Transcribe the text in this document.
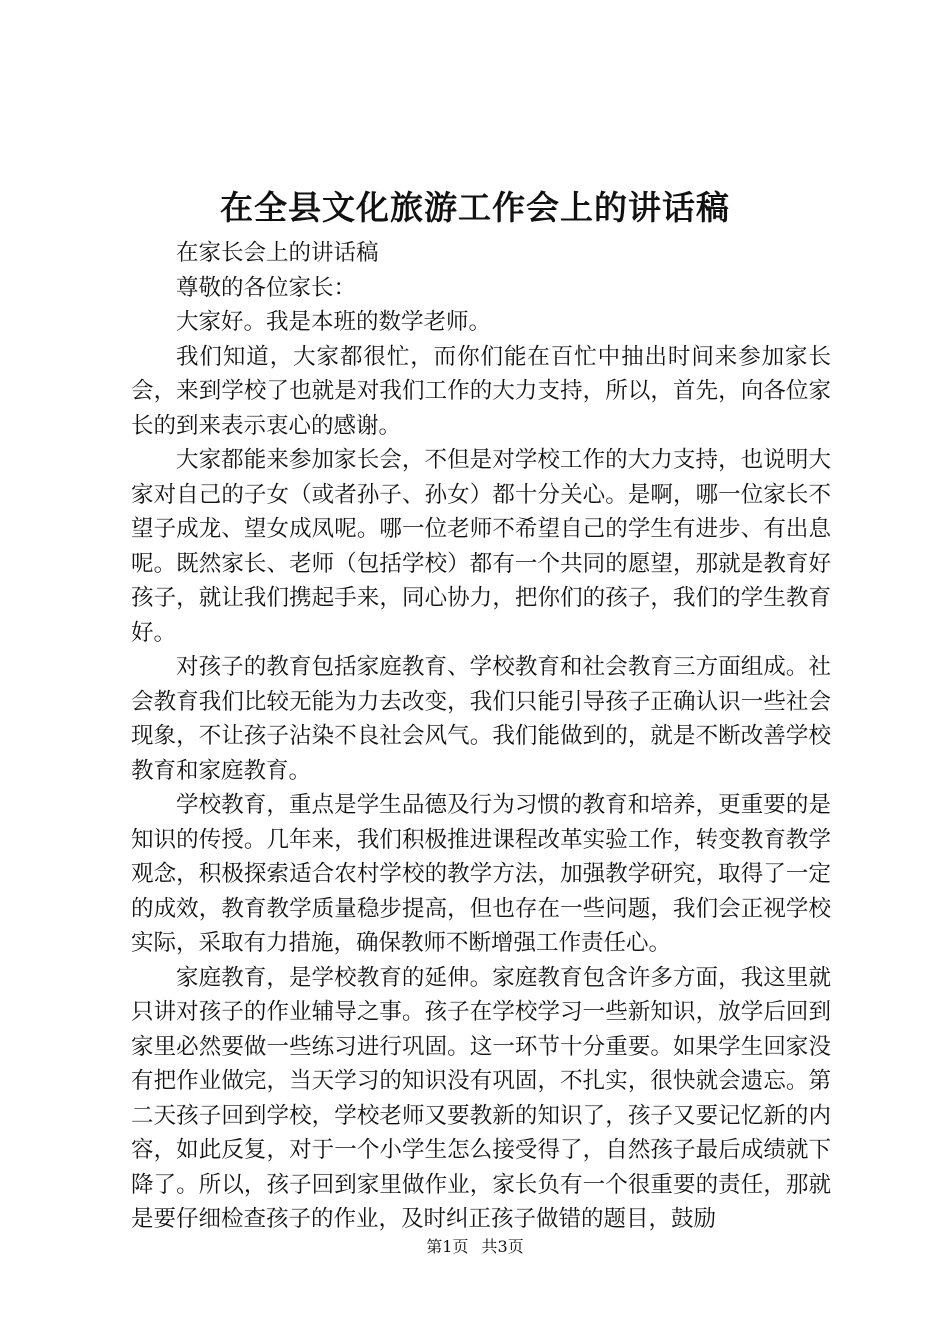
在全县文化旅游工作会上的讲话稿

在家长会上的讲话稿

尊敬的各位家长：

大家好。我是本班的数学老师。

我们知道，大家都很忙，而你们能在百忙中抽出时间来参加家长会，来到学校了也就是对我们工作的大力支持，所以，首先，向各位家长的到来表示衷心的感谢。

大家都能来参加家长会，不但是对学校工作的大力支持，也说明大家对自己的子女（或者孙子、孙女）都十分关心。是啊，哪一位家长不望子成龙、望女成凤呢。哪一位老师不希望自己的学生有进步、有出息呢。既然家长、老师（包括学校）都有一个共同的愿望，那就是教育好孩子，就让我们携起手来，同心协力，把你们的孩子，我们的学生教育好。

对孩子的教育包括家庭教育、学校教育和社会教育三方面组成。社会教育我们比较无能为力去改变，我们只能引导孩子正确认识一些社会现象，不让孩子沾染不良社会风气。我们能做到的，就是不断改善学校教育和家庭教育。

学校教育，重点是学生品德及行为习惯的教育和培养，更重要的是知识的传授。几年来，我们积极推进课程改革实验工作，转变教育教学观念，积极探索适合农村学校的教学方法，加强教学研究，取得了一定的成效，教育教学质量稳步提高，但也存在一些问题，我们会正视学校实际，采取有力措施，确保教师不断增强工作责任心。

家庭教育，是学校教育的延伸。家庭教育包含许多方面，我这里就只讲对孩子的作业辅导之事。孩子在学校学习一些新知识，放学后回到家里必然要做一些练习进行巩固。这一环节十分重要。如果学生回家没有把作业做完，当天学习的知识没有巩固，不扎实，很快就会遗忘。第二天孩子回到学校，学校老师又要教新的知识了，孩子又要记忆新的内容，如此反复，对于一个小学生怎么接受得了，自然孩子最后成绩就下降了。所以，孩子回到家里做作业，家长负有一个很重要的责任，那就是要仔细检查孩子的作业，及时纠正孩子做错的题目，鼓励

第1页 共3页
